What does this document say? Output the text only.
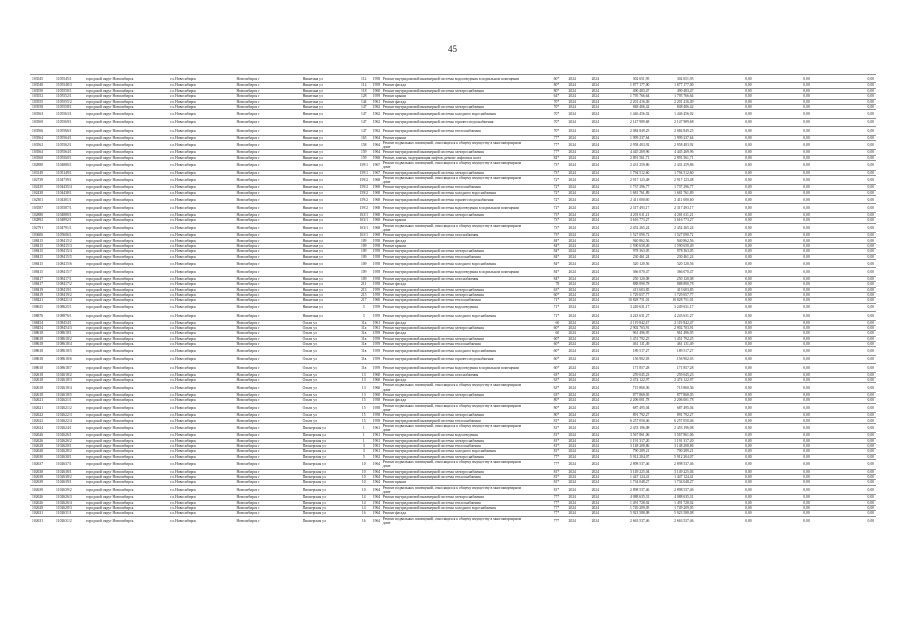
45
103545	1105545/1	городской округ Новосибирск	г.о.Новосибирск	Новосибирск г	Никитина ул	112	1958	Ремонт внутридомовой инженерной системы водоотведения в подвальном помещении		60*	2024	2024	302 651,95	302 651,95	0,00	0,00	0,00
103548	1105548/3	городской округ Новосибирск	г.о.Новосибирск	Новосибирск г	Никитина ул	114	1959	Ремонт фасада		80*	2024	2024	1 877 177,00	1 877 177,00	0,00	0,00	0,00
103550	1105550/1	городской округ Новосибирск	г.о.Новосибирск	Новосибирск г	Никитина ул	118	1960	Ремонт внутридомовой инженерной системы электроснабжения		80*	2024	2024	490 483,47	490 483,47	0,00	0,00	0,00
103552	1105552/1	городской округ Новосибирск	г.о.Новосибирск	Новосибирск г	Никитина ул	128	1959	Ремонт крыши		64*	2024	2024	1 795 766,64	1 795 766,64	0,00	0,00	0,00
103555	1105555/2	городской округ Новосибирск	г.о.Новосибирск	Новосибирск г	Никитина ул	144	1961	Ремонт фасада		70*	2024	2024	2 201 416,49	2 201 416,49	0,00	0,00	0,00
103558	1105558/1	городской округ Новосибирск	г.о.Новосибирск	Новосибирск г	Никитина ул	147	1962	Ремонт внутридомовой инженерной системы электроснабжения		70*	2024	2024	848 406,42	848 406,42	0,00	0,00	0,00
103563	1105563/1	городской округ Новосибирск	г.о.Новосибирск	Новосибирск г	Никитина ул	147	1962	Ремонт внутридомовой инженерной системы холодного водоснабжения		70*	2024	2024	1 446 456,02	1 446 456,02	0,00	0,00	0,00
103569	1105569/1	городской округ Новосибирск	г.о.Новосибирск	Новосибирск г	Никитина ул	147	1962	Ремонт внутридомовой инженерной системы горячего водоснабжения		70*	2024	2024	2 147 989,68	2 147 989,68	0,00	0,00	0,00
103566	1105566/1	городской округ Новосибирск	г.о.Новосибирск	Новосибирск г	Никитина ул	147	1962	Ремонт внутридомовой инженерной системы теплоснабжения		70*	2024	2024	2 084 849,25	2 084 849,25	0,00	0,00	0,00
103564	1105564/1	городской округ Новосибирск	г.о.Новосибирск	Новосибирск г	Никитина ул	165	1964	Ремонт крыши		77*	2024	2024	1 999 237,64	1 999 237,64	0,00	0,00	0,00
103562	1105562/1	городской округ Новосибирск	г.о.Новосибирск	Новосибирск г	Никитина ул	158	1964	Ремонт подвальных помещений, относящихся к общему имуществу в многоквартирном доме		77*	2024	2024	2 958 403,92	2 958 403,92	0,00	0,00	0,00
103564	1105564/1	городской округ Новосибирск	г.о.Новосибирск	Новосибирск г	Никитина ул	159	1964	Ремонт внутридомовой инженерной системы электроснабжения		77*	2024	2024	4 445 269,96	4 445 269,96	0,00	0,00	0,00
103560	1105560/1	городской округ Новосибирск	г.о.Новосибирск	Новосибирск г	Никитина ул	159	1968	Ремонт, замена, модернизация лифтов, ремонт лифтовых шахт		82*	2024	2024	2 891 561,71	2 891 561,71	0,00	0,00	0,00
102880	1104880/1	городской округ Новосибирск	г.о.Новосибирск	Новосибирск г	Никитина ул	159/1	1967	Ремонт подвальных помещений, относящихся к общему имуществу в многоквартирном доме		73*	2024	2024	2 431 259,86	2 431 259,86	0,00	0,00	0,00
103149	1105149/1	городской округ Новосибирск	г.о.Новосибирск	Новосибирск г	Никитина ул	159/1	1967	Ремонт внутридомовой инженерной системы электроснабжения		73*	2024	2024	1 794 512,60	1 794 512,60	0,00	0,00	0,00
102739	1104739/1	городской округ Новосибирск	г.о.Новосибирск	Новосибирск г	Никитина ул	159/2	1968	Ремонт подвальных помещений, относящихся к общему имуществу в многоквартирном доме		72*	2024	2024	2 917 123,48	2 917 123,48	0,00	0,00	0,00
102435	1104435/4	городской округ Новосибирск	г.о.Новосибирск	Новосибирск г	Никитина ул	159/2	1968	Ремонт внутридомовой инженерной системы теплоснабжения		72*	2024	2024	1 737 296,77	1 737 296,77	0,00	0,00	0,00
102438	1104438/1	городской округ Новосибирск	г.о.Новосибирск	Новосибирск г	Никитина ул	159/2	1968	Ремонт внутридомовой инженерной системы холодного водоснабжения		72*	2024	2024	1 681 761,89	1 681 761,89	0,00	0,00	0,00
102301	1104301/1	городской округ Новосибирск	г.о.Новосибирск	Новосибирск г	Никитина ул	159/2	1968	Ремонт внутридомовой инженерной системы горячего водоснабжения		72*	2024	2024	2 411 000,60	2 411 000,60	0,00	0,00	0,00
103587	1105587/1	городской округ Новосибирск	г.о.Новосибирск	Новосибирск г	Никитина ул	159/2	1968	Ремонт внутридомовой инженерной системы водоотведения в подвальном помещении		72*	2024	2024	2 317 493,17	2 317 493,17	0,00	0,00	0,00
102880	1104880/1	городской округ Новосибирск	г.о.Новосибирск	Новосибирск г	Никитина ул	163/1	1968	Ремонт внутридомовой инженерной системы электроснабжения		73*	2024	2024	4 201 611,21	4 201 611,21	0,00	0,00	0,00
102892	1104892/1	городской округ Новосибирск	г.о.Новосибирск	Новосибирск г	Никитина ул	163/1	1968	Ремонт крыши		73*	2024	2024	3 616 773,27	3 616 773,27	0,00	0,00	0,00
102791	1104791/1	городской округ Новосибирск	г.о.Новосибирск	Новосибирск г	Никитина ул	163/1	1968	Ремонт подвальных помещений, относящихся к общему имуществу в многоквартирном доме		73*	2024	2024	2 452 265,24	2 452 265,24	0,00	0,00	0,00
103606	1105606/1	городской округ Новосибирск	г.о.Новосибирск	Новосибирск г	Никитина ул	163/1	1968	Ремонт внутридомовой инженерной системы газоснабжения		73*	2024	2024	1 527 090,72	1 527 090,72	0,00	0,00	0,00
108415	1108415/2	городской округ Новосибирск	г.о.Новосибирск	Новосибирск г	Никитина ул	109	1958	Ремонт фасада		84*	2024	2024	940 862,56	940 862,56	0,00	0,00	0,00
108415	1108415/3	городской округ Новосибирск	г.о.Новосибирск	Новосибирск г	Никитина ул	109	1958	Ремонт крыши		84*	2024	2024	1 590 658,49	1 590 658,49	0,00	0,00	0,00
108415	1108415/4	городской округ Новосибирск	г.о.Новосибирск	Новосибирск г	Никитина ул	109	1958	Ремонт внутридомовой инженерной системы электроснабжения		84*	2024	2024	978 363,05	978 363,05	0,00	0,00	0,00
108415	1108415/5	городской округ Новосибирск	г.о.Новосибирск	Новосибирск г	Никитина ул	109	1958	Ремонт внутридомовой инженерной системы теплоснабжения		84*	2024	2024	230 461,24	230 461,24	0,00	0,00	0,00
108415	1108415/6	городской округ Новосибирск	г.о.Новосибирск	Новосибирск г	Никитина ул	109	1958	Ремонт внутридомовой инженерной системы холодного водоснабжения		84*	2024	2024	320 120,56	320 120,56	0,00	0,00	0,00
108415	1108415/7	городской округ Новосибирск	г.о.Новосибирск	Новосибирск г	Никитина ул	109	1958	Ремонт внутридомовой инженерной системы водоотведения в подвальном помещении		84*	2024	2024	366 070,47	366 070,47	0,00	0,00	0,00
108417	1108417/1	городской округ Новосибирск	г.о.Новосибирск	Новосибирск г	Никитина ул	109	1958	Ремонт внутридомовой инженерной системы газоснабжения		84*	2024	2024	250 120,08	250 120,08	0,00	0,00	0,00
108417	1108417/2	городской округ Новосибирск	г.о.Новосибирск	Новосибирск г	Никитина ул	211	1958	Ремонт фасада		78	2024	2024	888 890,78	888 890,78	0,00	0,00	0,00
108419	1108419/1	городской округ Новосибирск	г.о.Новосибирск	Новосибирск г	Никитина ул	213	1959	Ремонт внутридомовой инженерной системы электроснабжения		63*	2024	2024	413 603,85	413 603,85	0,00	0,00	0,00
108419	1108419/2	городской округ Новосибирск	г.о.Новосибирск	Новосибирск г	Никитина ул	215	1959	Ремонт внутридомовой инженерной системы электроснабжения		60*	2024	2024	1 729 657,77	1 729 657,77	0,00	0,00	0,00
108421	1108421/4	городской округ Новосибирск	г.о.Новосибирск	Новосибирск г	Никитина ул	217	1960	Ремонт внутридомовой инженерной системы теплоснабжения		71*	2024	2024	10 828 751,01	10 828 751,01	0,00	0,00	0,00
108625	1108625/1	городской округ Новосибирск	г.о.Новосибирск	Новосибирск г	Никитина ул	5	1959	Ремонт внутридомовой инженерной системы водоотведения		71*	2024	2024	3 249 631,17	3 249 631,17	0,00	0,00	0,00
108876	1108876/1	городской округ Новосибирск	г.о.Новосибирск	Новосибирск г	Никитина ул	5	1959	Ремонт внутридомовой инженерной системы холодного водоснабжения		71*	2024	2024	4 243 631,27	4 243 631,27	0,00	0,00	0,00
108454	1108454/1	городской округ Новосибирск	г.о.Новосибирск	Новосибирск г	Ольги ул	11а	1961	Ремонт фасада		60	2024	2024	2 119 842,47	2 119 842,47	0,00	0,00	0,00
108454	1108454/3	городской округ Новосибирск	г.о.Новосибирск	Новосибирск г	Ольги ул	11а	1961	Ремонт внутридомовой инженерной системы электроснабжения		60*	2024	2024	2 902 703,91	2 902 703,91	0,00	0,00	0,00
108618	1108618/1	городской округ Новосибирск	г.о.Новосибирск	Новосибирск г	Ольги ул	11в	1959	Ремонт фасада		60	2024	2024	961 496,95	961 496,95	0,00	0,00	0,00
108618	1108618/2	городской округ Новосибирск	г.о.Новосибирск	Новосибирск г	Ольги ул	11в	1959	Ремонт внутридомовой инженерной системы электроснабжения		60*	2024	2024	1 451 792,25	1 451 792,25	0,00	0,00	0,00
108618	1108618/4	городской округ Новосибирск	г.о.Новосибирск	Новосибирск г	Ольги ул	11в	1959	Ремонт внутридомовой инженерной системы теплоснабжения		60*	2024	2024	461 131,49	461 131,49	0,00	0,00	0,00
108618	1108618/5	городской округ Новосибирск	г.о.Новосибирск	Новосибирск г	Ольги ул	11в	1959	Ремонт внутридомовой инженерной системы холодного водоснабжения		60*	2024	2024	189 517,27	189 517,27	0,00	0,00	0,00
108618	1108618/6	городской округ Новосибирск	г.о.Новосибирск	Новосибирск г	Ольги ул	11в	1959	Ремонт внутридомовой инженерной системы горячего водоснабжения		60*	2024	2024	156 902,03	156 902,03	0,00	0,00	0,00
108618	1108618/7	городской округ Новосибирск	г.о.Новосибирск	Новосибирск г	Ольги ул	11в	1959	Ремонт внутридомовой инженерной системы водоотведения в подвальном помещении		60*	2024	2024	171 857,28	171 857,28	0,00	0,00	0,00
102618	1102618/2	городской округ Новосибирск	г.о.Новосибирск	Новосибирск г	Ольги ул	13	1960	Ремонт внутридомовой инженерной системы газоснабжения		63*	2024	2024	259 045,23	259 045,23	0,00	0,00	0,00
102618	1102618/3	городской округ Новосибирск	г.о.Новосибирск	Новосибирск г	Ольги ул	13	1960	Ремонт фасада		63*	2024	2024	2 474 122,97	2 474 122,97	0,00	0,00	0,00
102618	1102618/4	городской округ Новосибирск	г.о.Новосибирск	Новосибирск г	Ольги ул	13	1960	Ремонт подвальных помещений, относящихся к общему имуществу в многоквартирном доме		63*	2024	2024	715 860,36	715 860,36	0,00	0,00	0,00
102618	1102618/5	городской округ Новосибирск	г.о.Новосибирск	Новосибирск г	Ольги ул	13	1960	Ремонт внутридомовой инженерной системы электроснабжения		63*	2024	2024	877 868,05	877 868,05	0,00	0,00	0,00
102621	1102621/1	городской округ Новосибирск	г.о.Новосибирск	Новосибирск г	Ольги ул	15	1958	Ремонт фасада		80*	2024	2024	2 206 001,78	2 206 001,78	0,00	0,00	0,00
102621	1102621/2	городской округ Новосибирск	г.о.Новосибирск	Новосибирск г	Ольги ул	15	1958	Ремонт подвальных помещений, относящихся к общему имуществу в многоквартирном доме		80*	2024	2024	687 495,04	687 495,04	0,00	0,00	0,00
102622	1102622/3	городской округ Новосибирск	г.о.Новосибирск	Новосибирск г	Ольги ул	15	1958	Ремонт внутридомовой инженерной системы электроснабжения		80*	2024	2024	891 792,27	891 792,27	0,00	0,00	0,00
102622	1102622/4	городской округ Новосибирск	г.о.Новосибирск	Новосибирск г	Ольги ул	15	1958	Ремонт внутридомовой инженерной системы теплоснабжения		81*	2024	2024	6 257 050,46	6 257 050,46	0,00	0,00	0,00
102624	1102624/1	городской округ Новосибирск	г.о.Новосибирск	Новосибирск г	Пионерская ул	1	1961	Ремонт подвальных помещений, относящихся к общему имуществу в многоквартирном доме		81*	2024	2024	2 453 196,08	2 453 196,08	0,00	0,00	0,00
102626	1102626/1	городской округ Новосибирск	г.о.Новосибирск	Новосибирск г	Пионерская ул	1	1961	Ремонт внутридомовой инженерной системы водоотведения		81*	2024	2024	3 567 861,06	3 567 861,06	0,00	0,00	0,00
102626	1102626/2	городской округ Новосибирск	г.о.Новосибирск	Новосибирск г	Пионерская ул	1	1961	Ремонт внутридомовой инженерной системы электроснабжения		81*	2024	2024	1 191 317,20	1 191 317,20	0,00	0,00	0,00
102628	1102628/1	городской округ Новосибирск	г.о.Новосибирск	Новосибирск г	Пионерская ул	3	1961	Ремонт внутридомовой инженерной системы теплоснабжения		81*	2024	2024	3 148 208,86	3 148 208,86	0,00	0,00	0,00
102628	1102628/2	городской округ Новосибирск	г.о.Новосибирск	Новосибирск г	Пионерская ул	3	1961	Ремонт внутридомовой инженерной системы холодного водоснабжения		81*	2024	2024	790 289,21	790 289,21	0,00	0,00	0,00
102630	1102630/1	городской округ Новосибирск	г.о.Новосибирск	Новосибирск г	Пионерская ул	5	1962	Ремонт внутридомовой инженерной системы электроснабжения		77*	2024	2024	5 912 204,07	5 912 204,07	0,00	0,00	0,00
102637	1102637/1	городской округ Новосибирск	г.о.Новосибирск	Новосибирск г	Пионерская ул	10	1964	Ремонт подвальных помещений, относящихся к общему имуществу в многоквартирном доме		77*	2024	2024	2 898 537,46	2 898 537,46	0,00	0,00	0,00
102638	1102638/1	городской округ Новосибирск	г.о.Новосибирск	Новосибирск г	Пионерская ул	10	1964	Ремонт внутридомовой инженерной системы электроснабжения		81*	2024	2024	3 149 225,04	3 149 225,04	0,00	0,00	0,00
102638	1102638/2	городской округ Новосибирск	г.о.Новосибирск	Новосибирск г	Пионерская ул	10	1964	Ремонт внутридомовой инженерной системы теплоснабжения		81*	2024	2024	1 447 124,41	1 447 124,41	0,00	0,00	0,00
102639	1102639/1	городской округ Новосибирск	г.о.Новосибирск	Новосибирск г	Пионерская ул	10	1964	Ремонт крыши		81*	2024	2024	1 734 048,27	1 734 048,27	0,00	0,00	0,00
102639	1102639/2	городской округ Новосибирск	г.о.Новосибирск	Новосибирск г	Пионерская ул	10	1964	Ремонт подвальных помещений, относящихся к общему имуществу в многоквартирном доме		81*	2024	2024	2 898 537,46	2 898 537,46	0,00	0,00	0,00
102626	1102626/3	городской округ Новосибирск	г.о.Новосибирск	Новосибирск г	Пионерская ул	14	1964	Ремонт внутридомовой инженерной системы электроснабжения		77*	2024	2024	4 088 635,31	4 088 635,31	0,00	0,00	0,00
102626	1102626/4	городской округ Новосибирск	г.о.Новосибирск	Новосибирск г	Пионерская ул	14	1964	Ремонт внутридомовой инженерной системы теплоснабжения		77*	2024	2024	1 491 728,02	1 491 728,02	0,00	0,00	0,00
102628	1102628/3	городской округ Новосибирск	г.о.Новосибирск	Новосибирск г	Пионерская ул	14	1964	Ремонт внутридомовой инженерной системы холодного водоснабжения		77*	2024	2024	1 749 209,05	1 749 209,05	0,00	0,00	0,00
102631	1102631/1	городской округ Новосибирск	г.о.Новосибирск	Новосибирск г	Пионерская ул	16	1964	Ремонт фасада		77*	2024	2024	5 923 588,08	5 923 588,08	0,00	0,00	0,00
102631	1102631/2	городской округ Новосибирск	г.о.Новосибирск	Новосибирск г	Пионерская ул	16	1964	Ремонт подвальных помещений, относящихся к общему имуществу в многоквартирном доме		77*	2024	2024	2 663 537,46	2 663 537,46	0,00	0,00	0,00
